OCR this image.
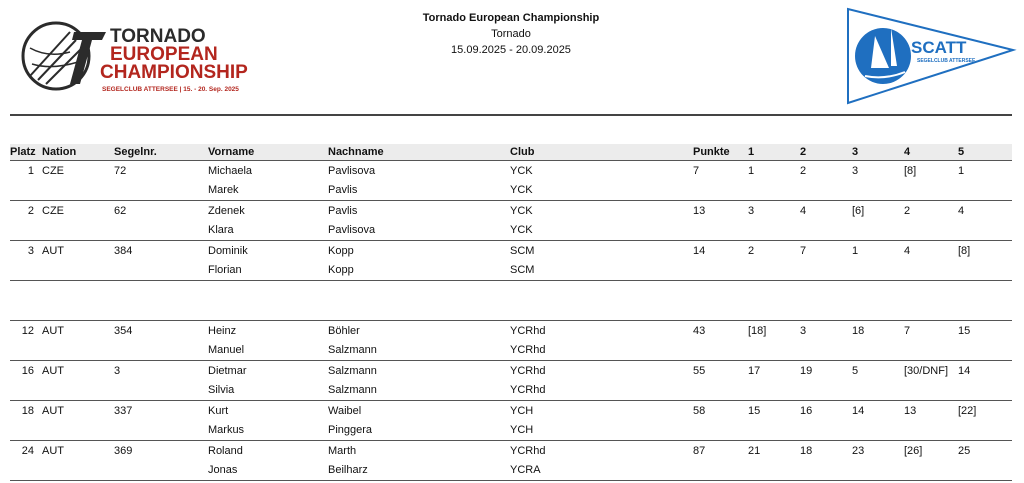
TORNADO
EUROPEAN
CHAMPIONSHIP
SEGELCLUB ATTERSEE | 15. - 20. Sep. 2025
Tornado European Championship
Tornado
15.09.2025 - 20.09.2025	SCATT
SEGELCLUB ATTERSEE
Platz	Nation	Segelnr.	Vorname	Nachname	Club	Punkte	1	2	3	4	5
1	CZE	72	Michaela	Pavlisova	YCK	7	1	2	3	[8]	1
			Marek	Pavlis	YCK						
2	CZE	62	Zdenek	Pavlis	YCK	13	3	4	[6]	2	4
			Klara	Pavlisova	YCK						
3	AUT	384	Dominik	Kopp	SCM	14	2	7	1	4	[8]
			Florian	Kopp	SCM						

12	AUT	354	Heinz	Böhler	YCRhd	43	[18]	3	18	7	15
			Manuel	Salzmann	YCRhd						
16	AUT	3	Dietmar	Salzmann	YCRhd	55	17	19	5	[30/DNF]	14
			Silvia	Salzmann	YCRhd						
18	AUT	337	Kurt	Waibel	YCH	58	15	16	14	13	[22]
			Markus	Pinggera	YCH						
24	AUT	369	Roland	Marth	YCRhd	87	21	18	23	[26]	25
			Jonas	Beilharz	YCRA						
